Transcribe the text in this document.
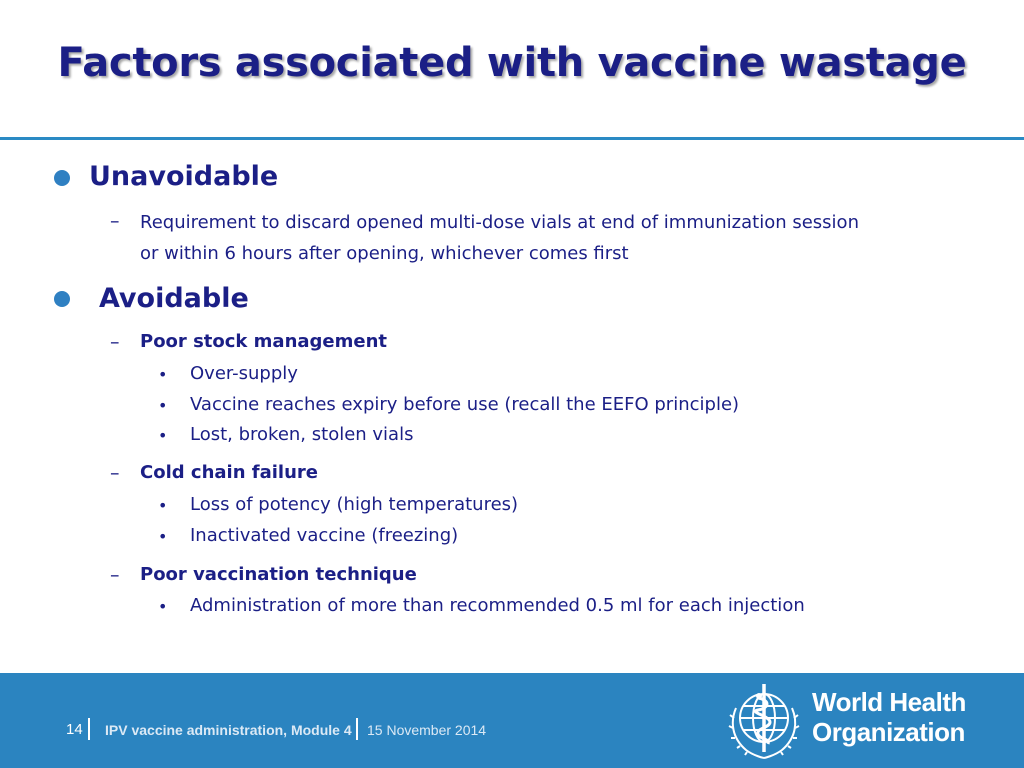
Factors associated with vaccine wastage
Unavoidable
– Requirement to discard opened multi-dose vials at end of immunization session
or within 6 hours after opening, whichever comes first
Avoidable
– Poor stock management
• Over-supply
• Vaccine reaches expiry before use (recall the EEFO principle)
• Lost, broken, stolen vials
– Cold chain failure
• Loss of potency (high temperatures)
• Inactivated vaccine (freezing)
– Poor vaccination technique
• Administration of more than recommended 0.5 ml for each injection
14 IPV vaccine administration, Module 4 15 November 2014
World Health
Organization
